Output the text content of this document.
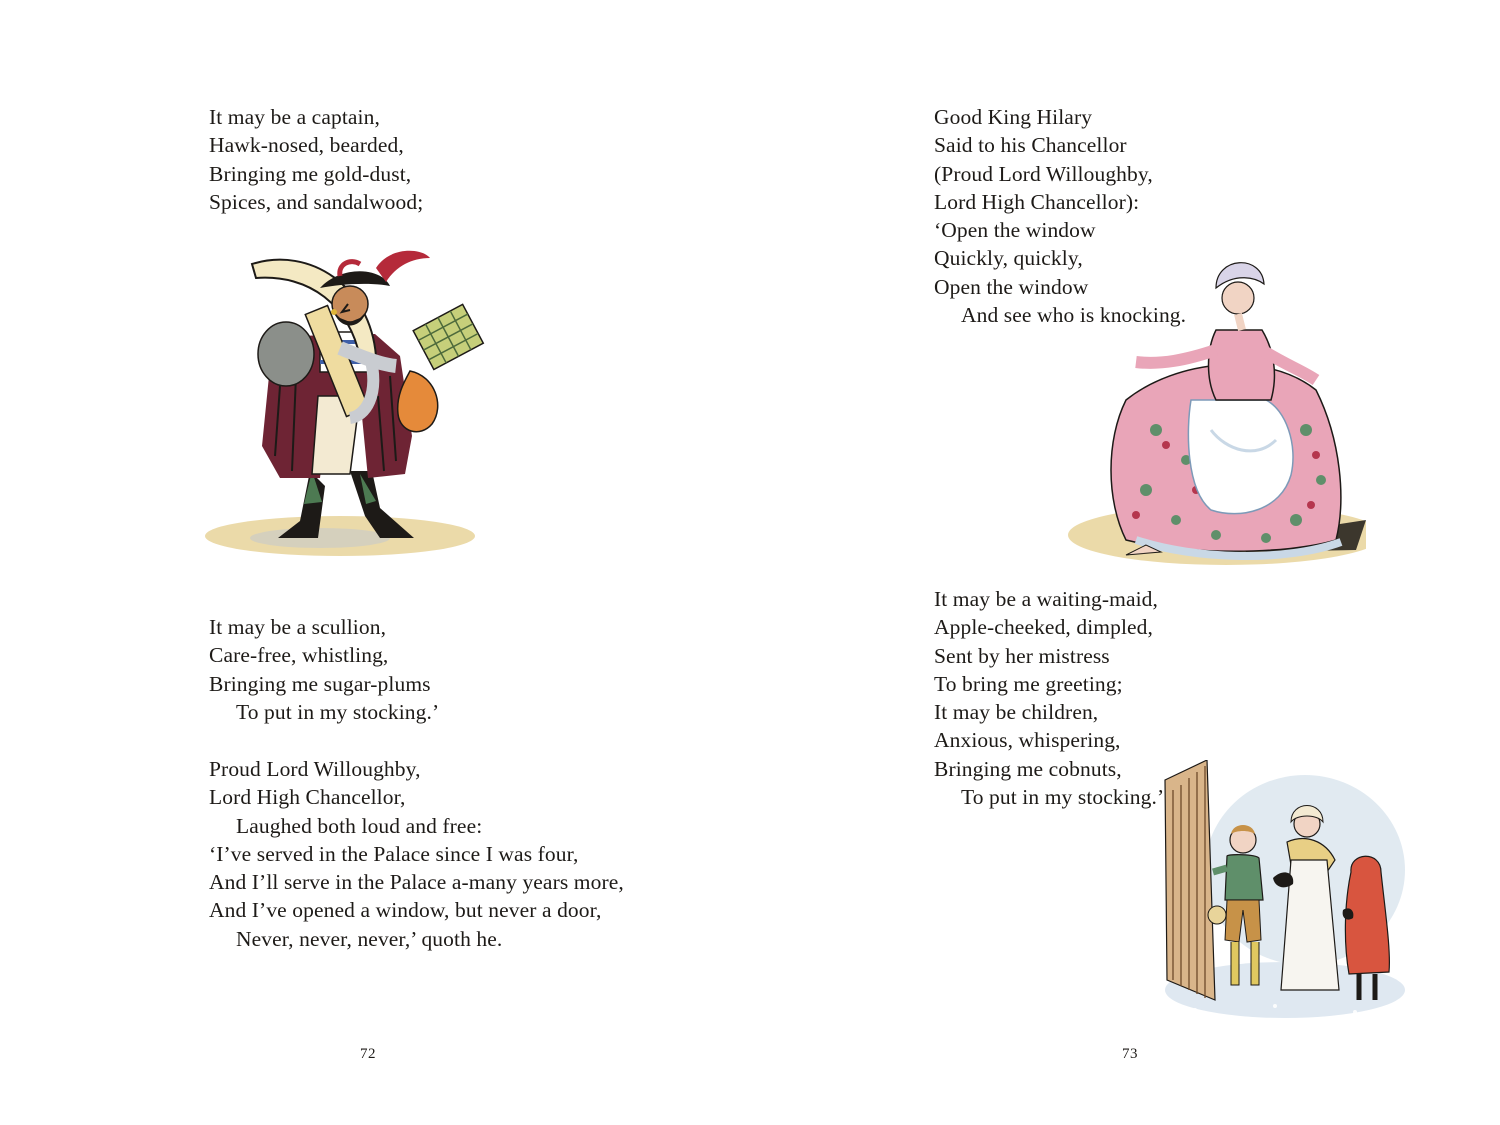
It may be a captain,
Hawk-nosed, bearded,
Bringing me gold-dust,
Spices, and sandalwood;
It may be a scullion,
Care-free, whistling,
Bringing me sugar-plums
To put in my stocking.’
Proud Lord Willoughby,
Lord High Chancellor,
Laughed both loud and free:
‘I’ve served in the Palace since I was four,
And I’ll serve in the Palace a-many years more,
And I’ve opened a window, but never a door,
Never, never, never,’ quoth he.
72
Good King Hilary
Said to his Chancellor
(Proud Lord Willoughby,
Lord High Chancellor):
‘Open the window
Quickly, quickly,
Open the window
And see who is knocking.
It may be a waiting-maid,
Apple-cheeked, dimpled,
Sent by her mistress
To bring me greeting;
It may be children,
Anxious, whispering,
Bringing me cobnuts,
To put in my stocking.’
73
